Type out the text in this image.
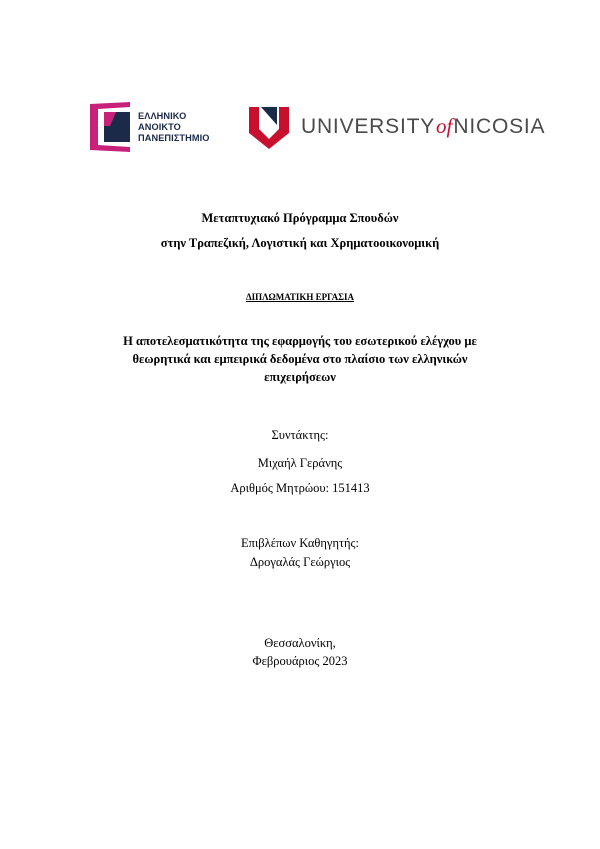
ΕΛΛΗΝΙΚΟ
ΑΝΟΙΚΤΟ
ΠΑΝΕΠΙΣΤΗΜΙΟ	UNIVERSITYofNICOSIA
Μεταπτυχιακό Πρόγραμμα Σπουδών
στην Τραπεζική, Λογιστική και Χρηματοοικονομική
ΔΙΠΛΩΜΑΤΙΚΗ ΕΡΓΑΣΙΑ
Η αποτελεσματικότητα της εφαρμογής του εσωτερικού ελέγχου με
θεωρητικά και εμπειρικά δεδομένα στο πλαίσιο των ελληνικών
επιχειρήσεων
Συντάκτης:
Μιχαήλ Γεράνης
Αριθμός Μητρώου: 151413
Επιβλέπων Καθηγητής:
Δρογαλάς Γεώργιος
Θεσσαλονίκη,
Φεβρουάριος 2023
